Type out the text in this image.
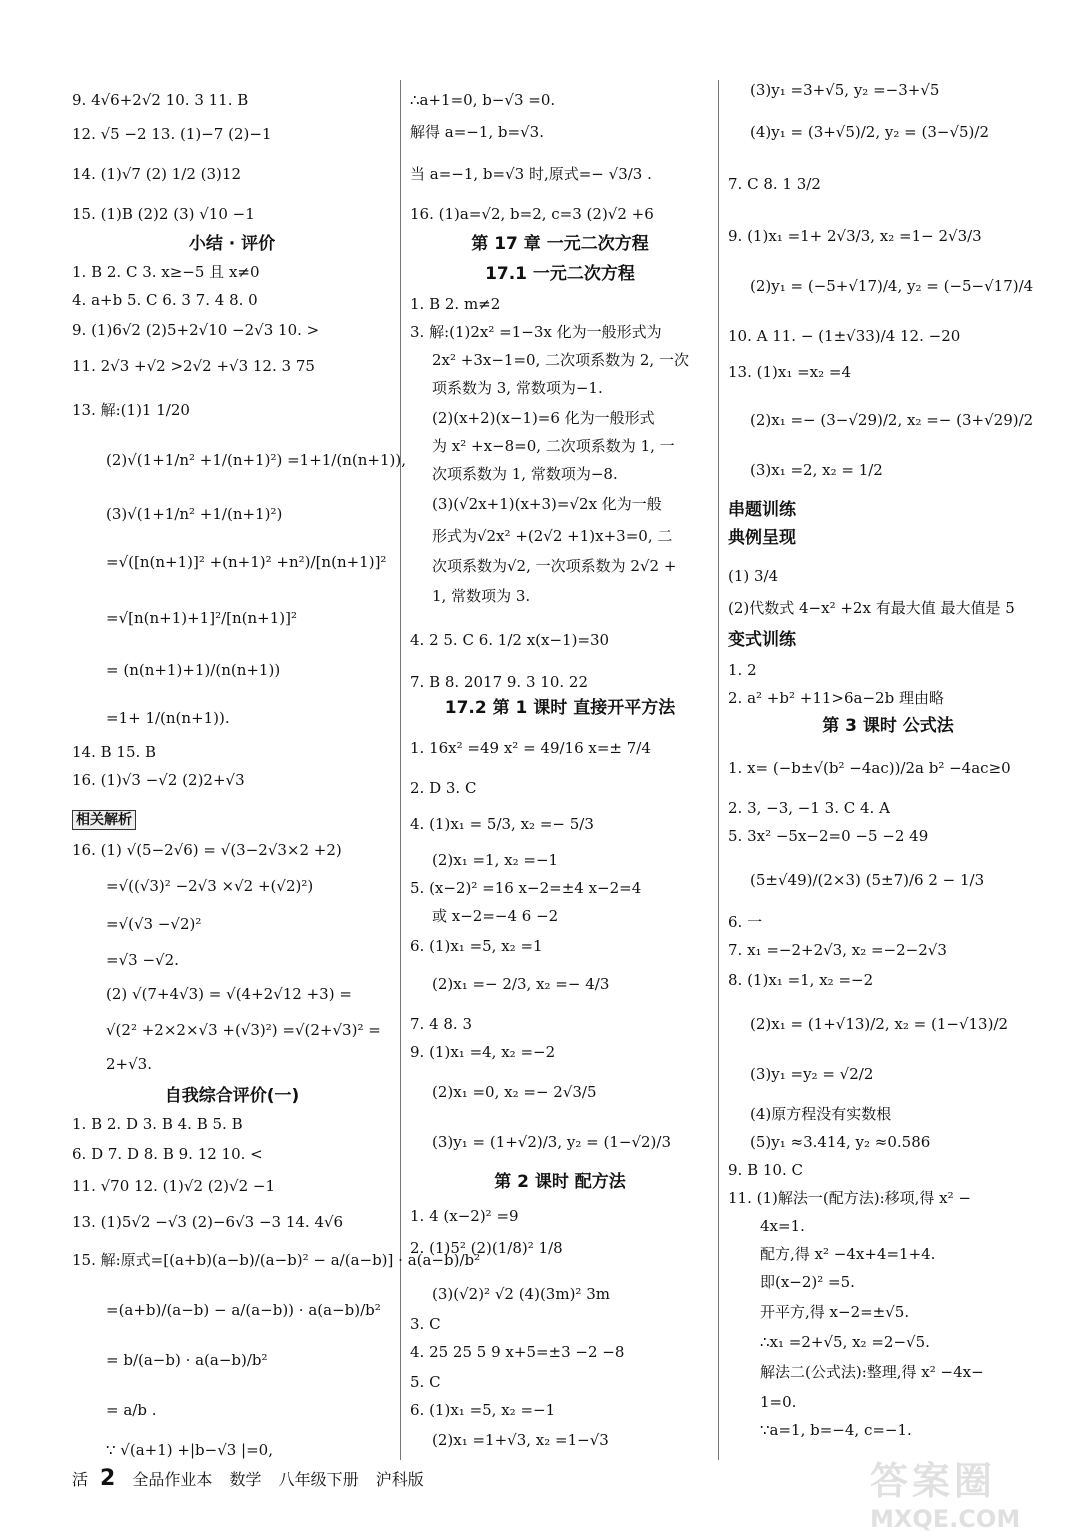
9. 4√6+2√2 10. 3 11. B
12. √5 −2 13. (1)−7 (2)−1
14. (1)√7 (2) 1/2 (3)12
15. (1)B (2)2 (3) √10 −1
小结 · 评价
1. B 2. C 3. x≥−5 且 x≠0
4. a+b 5. C 6. 3 7. 4 8. 0
9. (1)6√2 (2)5+2√10 −2√3 10. >
11. 2√3 +√2 >2√2 +√3 12. 3 75
13. 解:(1)1 1/20
(2)√(1+1/n² +1/(n+1)²) =1+1/(n(n+1)),
(3)√(1+1/n² +1/(n+1)²)
=√([n(n+1)]² +(n+1)² +n²)/[n(n+1)]²
=√[n(n+1)+1]²/[n(n+1)]²
= (n(n+1)+1)/(n(n+1))
=1+ 1/(n(n+1)).
14. B 15. B
16. (1)√3 −√2 (2)2+√3
相关解析
16. (1) √(5−2√6) = √(3−2√3×2 +2)
=√((√3)² −2√3 ×√2 +(√2)²)
=√(√3 −√2)²
=√3 −√2.
(2) √(7+4√3) = √(4+2√12 +3) =
√(2² +2×2×√3 +(√3)²) =√(2+√3)² =
2+√3.
自我综合评价(一)
1. B 2. D 3. B 4. B 5. B
6. D 7. D 8. B 9. 12 10. <
11. √70 12. (1)√2 (2)√2 −1
13. (1)5√2 −√3 (2)−6√3 −3 14. 4√6
15. 解:原式=[(a+b)(a−b)/(a−b)² − a/(a−b)] · a(a−b)/b²
=(a+b)/(a−b) − a/(a−b)) · a(a−b)/b²
= b/(a−b) · a(a−b)/b²
= a/b .
∵ √(a+1) +|b−√3 |=0,
∴a+1=0, b−√3 =0.
解得 a=−1, b=√3.
当 a=−1, b=√3 时,原式=− √3/3 .
16. (1)a=√2, b=2, c=3 (2)√2 +6
第 17 章 一元二次方程
17.1 一元二次方程
1. B 2. m≠2
3. 解:(1)2x² =1−3x 化为一般形式为
2x² +3x−1=0, 二次项系数为 2, 一次
项系数为 3, 常数项为−1.
(2)(x+2)(x−1)=6 化为一般形式
为 x² +x−8=0, 二次项系数为 1, 一
次项系数为 1, 常数项为−8.
(3)(√2x+1)(x+3)=√2x 化为一般
形式为√2x² +(2√2 +1)x+3=0, 二
次项系数为√2, 一次项系数为 2√2 +
1, 常数项为 3.
4. 2 5. C 6. 1/2 x(x−1)=30
7. B 8. 2017 9. 3 10. 22
17.2 第 1 课时 直接开平方法
1. 16x² =49 x² = 49/16 x=± 7/4
2. D 3. C
4. (1)x₁ = 5/3, x₂ =− 5/3
(2)x₁ =1, x₂ =−1
5. (x−2)² =16 x−2=±4 x−2=4
或 x−2=−4 6 −2
6. (1)x₁ =5, x₂ =1
(2)x₁ =− 2/3, x₂ =− 4/3
7. 4 8. 3
9. (1)x₁ =4, x₂ =−2
(2)x₁ =0, x₂ =− 2√3/5
(3)y₁ = (1+√2)/3, y₂ = (1−√2)/3
第 2 课时 配方法
1. 4 (x−2)² =9
2. (1)5² (2)(1/8)² 1/8
(3)(√2)² √2 (4)(3m)² 3m
3. C
4. 25 25 5 9 x+5=±3 −2 −8
5. C
6. (1)x₁ =5, x₂ =−1
(2)x₁ =1+√3, x₂ =1−√3
(3)y₁ =3+√5, y₂ =−3+√5
(4)y₁ = (3+√5)/2, y₂ = (3−√5)/2
7. C 8. 1 3/2
9. (1)x₁ =1+ 2√3/3, x₂ =1− 2√3/3
(2)y₁ = (−5+√17)/4, y₂ = (−5−√17)/4
10. A 11. − (1±√33)/4 12. −20
13. (1)x₁ =x₂ =4
(2)x₁ =− (3−√29)/2, x₂ =− (3+√29)/2
(3)x₁ =2, x₂ = 1/2
串题训练
典例呈现
(1) 3/4
(2)代数式 4−x² +2x 有最大值 最大值是 5
变式训练
1. 2
2. a² +b² +11>6a−2b 理由略
第 3 课时 公式法
1. x= (−b±√(b² −4ac))/2a b² −4ac≥0
2. 3, −3, −1 3. C 4. A
5. 3x² −5x−2=0 −5 −2 49
(5±√49)/(2×3) (5±7)/6 2 − 1/3
6. 一
7. x₁ =−2+2√3, x₂ =−2−2√3
8. (1)x₁ =1, x₂ =−2
(2)x₁ = (1+√13)/2, x₂ = (1−√13)/2
(3)y₁ =y₂ = √2/2
(4)原方程没有实数根
(5)y₁ ≈3.414, y₂ ≈0.586
9. B 10. C
11. (1)解法一(配方法):移项,得 x² −
4x=1.
配方,得 x² −4x+4=1+4.
即(x−2)² =5.
开平方,得 x−2=±√5.
∴x₁ =2+√5, x₂ =2−√5.
解法二(公式法):整理,得 x² −4x−
1=0.
∵a=1, b=−4, c=−1.
活 2 全品作业本 数学 八年级下册 沪科版	答案圈
MXQE.COM
